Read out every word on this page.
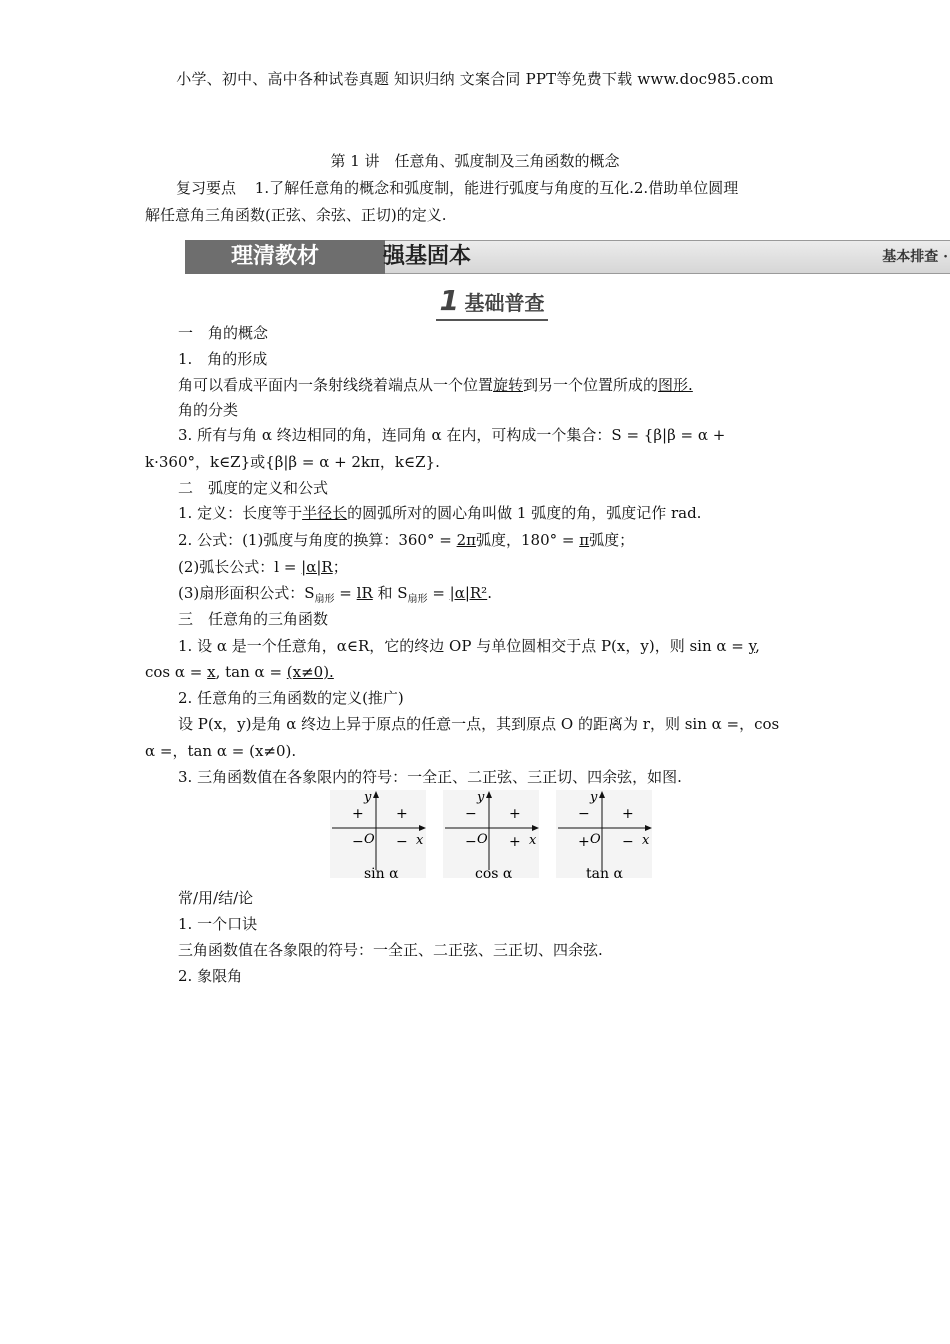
小学、初中、高中各种试卷真题 知识归纳 文案合同 PPT等免费下载 www.doc985.com
第 1 讲　任意角、弧度制及三角函数的概念
复习要点 1.了解任意角的概念和弧度制，能进行弧度与角度的互化.2.借助单位圆理
解任意角三角函数(正弦、余弦、正切)的定义.
理清教材	强基固本	基本排查 ·
1 基础普查
一　角的概念
1.　角的形成
角可以看成平面内一条射线绕着端点从一个位置旋转到另一个位置所成的图形.
角的分类
3. 所有与角 α 终边相同的角，连同角 α 在内，可构成一个集合：S = {β|β = α +
k·360°，k∈Z}或{β|β = α + 2kπ，k∈Z}.
二　弧度的定义和公式
1. 定义：长度等于半径长的圆弧所对的圆心角叫做 1 弧度的角，弧度记作 rad.
2. 公式：(1)弧度与角度的换算：360° = 2π弧度，180° = π弧度；
(2)弧长公式：l = |α|R；
(3)扇形面积公式：$S_{扇形}$ = lR 和 $S_{扇形} = |\alpha|R^2$.
三　任意角的三角函数
1. 设 α 是一个任意角，α∈R，它的终边 OP 与单位圆相交于点 P(x，y)，则 sin α = y,
cos α = x, tan α = (x≠0).
2. 任意角的三角函数的定义(推广)
设 P(x，y)是角 α 终边上异于原点的任意一点，其到原点 O 的距离为 r，则 sin α =，cos
α =，tan α = (x≠0).
3. 三角函数值在各象限内的符号：一全正、二正弦、三正切、四余弦，如图.
y
x
O
+
+
− −
sin α
y
x
O
+
−
− +
cos α
y
x
O
+
−
+ −
tan α
常/用/结/论
1. 一个口诀
三角函数值在各象限的符号：一全正、二正弦、三正切、四余弦.
2. 象限角
